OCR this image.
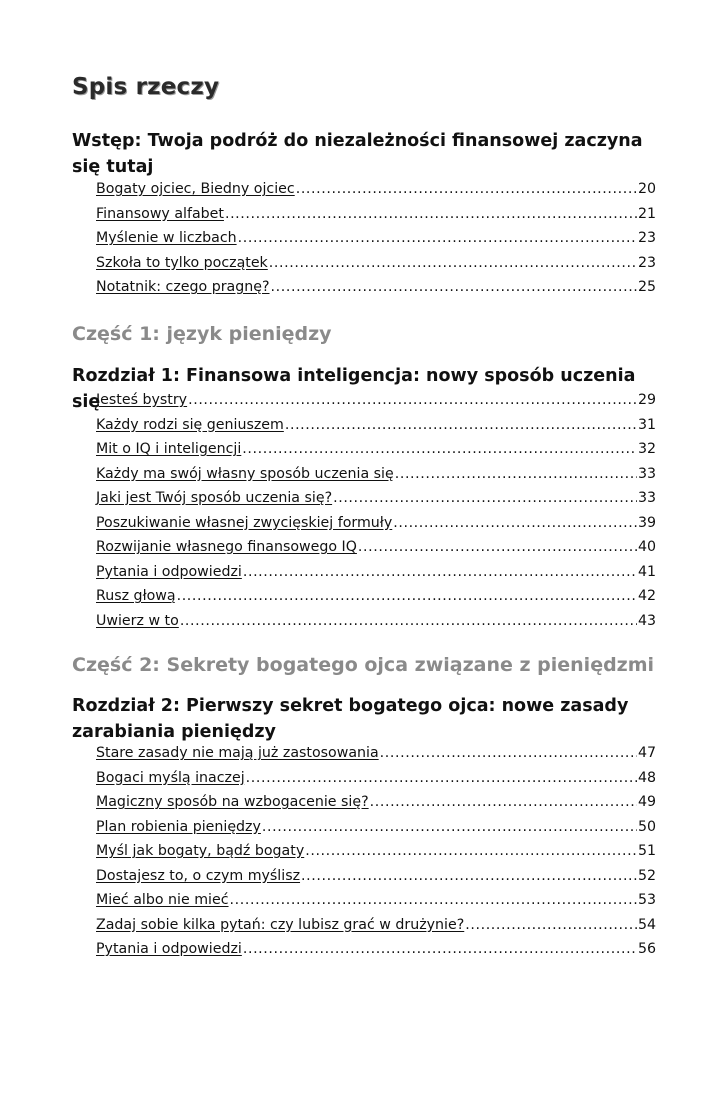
Spis rzeczy
Wstęp: Twoja podróż do niezależności finansowej zaczyna się tutaj
Bogaty ojciec, Biedny ojciec .....	20
Finansowy alfabet .....	21
Myślenie w liczbach .....	23
Szkoła to tylko początek .....	23
Notatnik: czego pragnę? .....	25
Część 1: język pieniędzy
Rozdział 1: Finansowa inteligencja: nowy sposób uczenia się
Jesteś bystry .....	29
Każdy rodzi się geniuszem .....	31
Mit o IQ i inteligencji .....	32
Każdy ma swój własny sposób uczenia się .....	33
Jaki jest Twój sposób uczenia się? .....	33
Poszukiwanie własnej zwycięskiej formuły .....	39
Rozwijanie własnego finansowego IQ .....	40
Pytania i odpowiedzi .....	41
Rusz głową .....	42
Uwierz w to .....	43
Część 2: Sekrety bogatego ojca związane z pieniędzmi
Rozdział 2: Pierwszy sekret bogatego ojca: nowe zasady zarabiania pieniędzy
Stare zasady nie mają już zastosowania .....	47
Bogaci myślą inaczej .....	48
Magiczny sposób na wzbogacenie się? .....	49
Plan robienia pieniędzy .....	50
Myśl jak bogaty, bądź bogaty .....	51
Dostajesz to, o czym myślisz .....	52
Mieć albo nie mieć .....	53
Zadaj sobie kilka pytań: czy lubisz grać w drużynie? .....	54
Pytania i odpowiedzi .....	56
